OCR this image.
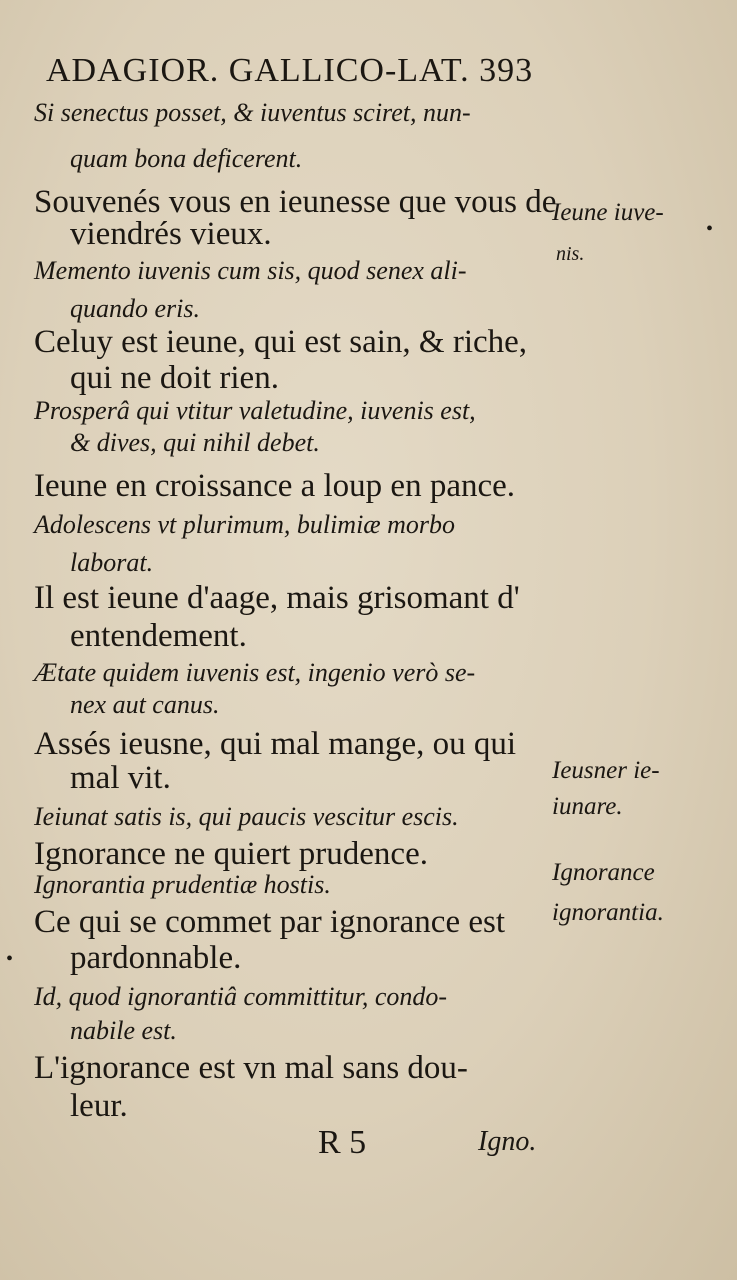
ADAGIOR. GALLICO-LAT. 393
Si senectus posset, & iuventus sciret, nun-
quam bona deficerent.
Souvenés vous en ieunesse que vous de
viendrés vieux.
Memento iuvenis cum sis, quod senex ali-
quando eris.
Celuy est ieune, qui est sain, & riche,
qui ne doit rien.
Prosperâ qui vtitur valetudine, iuvenis est,
& dives, qui nihil debet.
Ieune en croissance a loup en pance.
Adolescens vt plurimum, bulimiæ morbo
laborat.
Il est ieune d'aage, mais grisomant d'
entendement.
Ætate quidem iuvenis est, ingenio verò se-
nex aut canus.
Assés ieusne, qui mal mange, ou qui
mal vit.
Ieiunat satis is, qui paucis vescitur escis.
Ignorance ne quiert prudence.
Ignorantia prudentiæ hostis.
Ce qui se commet par ignorance est
pardonnable.
Id, quod ignorantiâ committitur, condo-
nabile est.
L'ignorance est vn mal sans dou-
leur.
Ieune iuve-
nis.
Ieusner ie-
iunare.
Ignorance
ignorantia.
•
•
R 5	Igno.
